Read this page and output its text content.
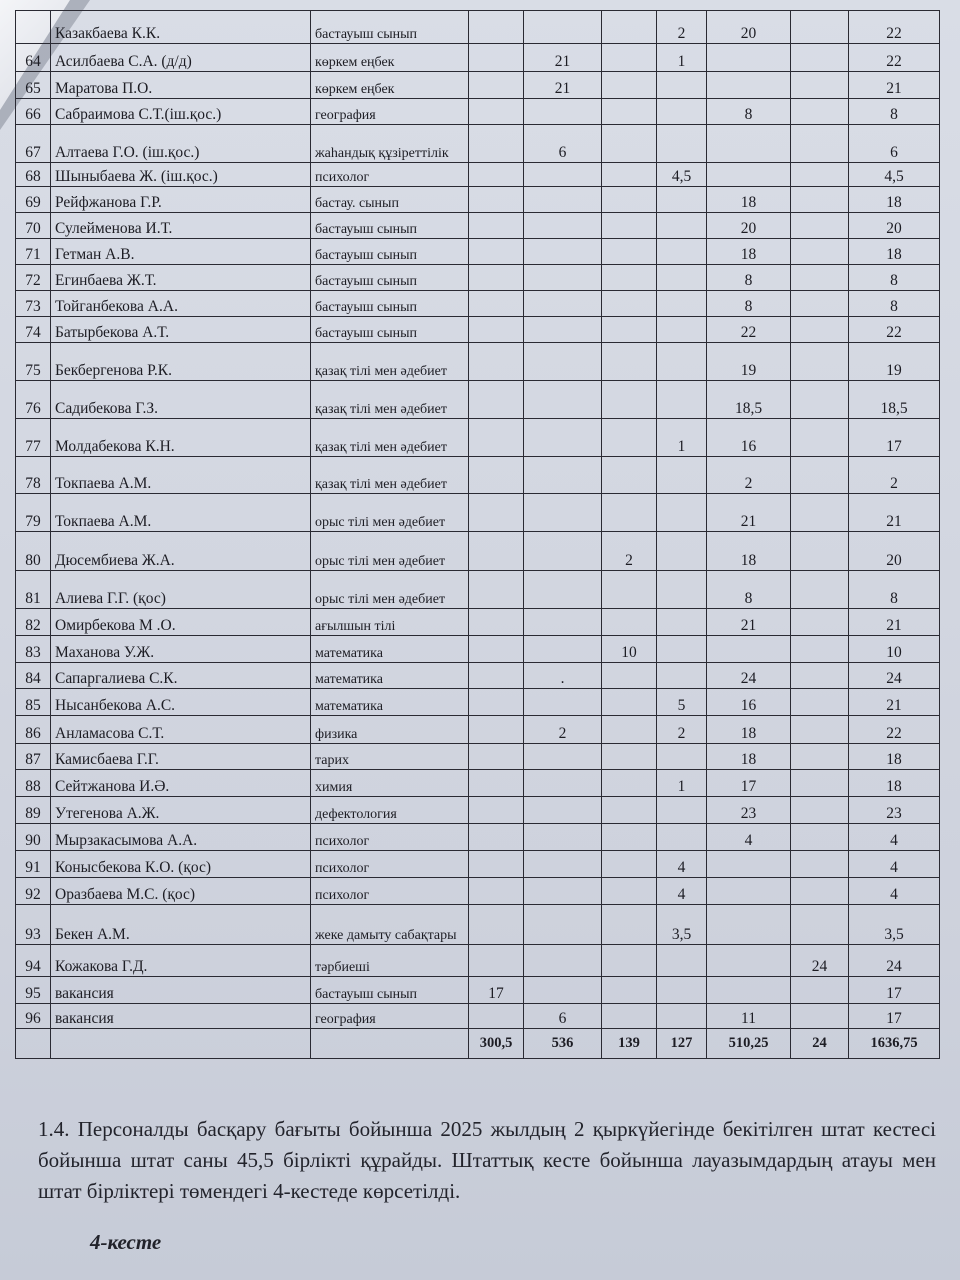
	Казакбаева К.К.	бастауыш сынып				2	20		22
64	Асилбаева С.А. (д/д)	көркем еңбек		21		1			22
65	Маратова П.О.	көркем еңбек		21					21
66	Сабраимова С.Т.(іш.қос.)	география					8		8
67	Алтаева Г.О. (іш.қос.)	жаһандық құзіреттілік		6					6
68	Шыныбаева Ж. (іш.қос.)	психолог				4,5			4,5
69	Рейфжанова Г.Р.	бастау. сынып					18		18
70	Сулейменова И.Т.	бастауыш сынып					20		20
71	Гетман А.В.	бастауыш сынып					18		18
72	Егинбаева Ж.Т.	бастауыш сынып					8		8
73	Тойганбекова А.А.	бастауыш сынып					8		8
74	Батырбекова А.Т.	бастауыш сынып					22		22
75	Бекбергенова Р.К.	қазақ тілі мен әдебиет					19		19
76	Садибекова Г.З.	қазақ тілі мен әдебиет					18,5		18,5
77	Молдабекова К.Н.	қазақ тілі мен әдебиет				1	16		17
78	Токпаева А.М.	қазақ тілі мен әдебиет					2		2
79	Токпаева А.М.	орыс тілі мен әдебиет					21		21
80	Дюсембиева Ж.А.	орыс тілі мен әдебиет			2		18		20
81	Алиева Г.Г. (қос)	орыс тілі мен әдебиет					8		8
82	Омирбекова М .О.	ағылшын тілі					21		21
83	Маханова У.Ж.	математика			10				10
84	Сапаргалиева С.К.	математика		.			24		24
85	Нысанбекова А.С.	математика				5	16		21
86	Анламасова С.Т.	физика		2		2	18		22
87	Камисбаева Г.Г.	тарих					18		18
88	Сейтжанова И.Ә.	химия				1	17		18
89	Утегенова А.Ж.	дефектология					23		23
90	Мырзакасымова А.А.	психолог					4		4
91	Конысбекова К.О. (қос)	психолог				4			4
92	Оразбаева М.С. (қос)	психолог				4			4
93	Бекен А.М.	жеке дамыту сабақтары				3,5			3,5
94	Кожакова Г.Д.	тәрбиеші						24	24
95	вакансия	бастауыш сынып	17						17
96	вакансия	география		6			11		17
			300,5	536	139	127	510,25	24	1636,75
1.4. Персоналды басқару бағыты бойынша 2025 жылдың 2 қыркүйегінде бекітілген штат кестесі бойынша штат саны 45,5 бірлікті құрайды. Штаттық кесте бойынша лауазымдардың атауы мен штат бірліктері төмендегі 4-кестеде көрсетілді.
4-кесте
